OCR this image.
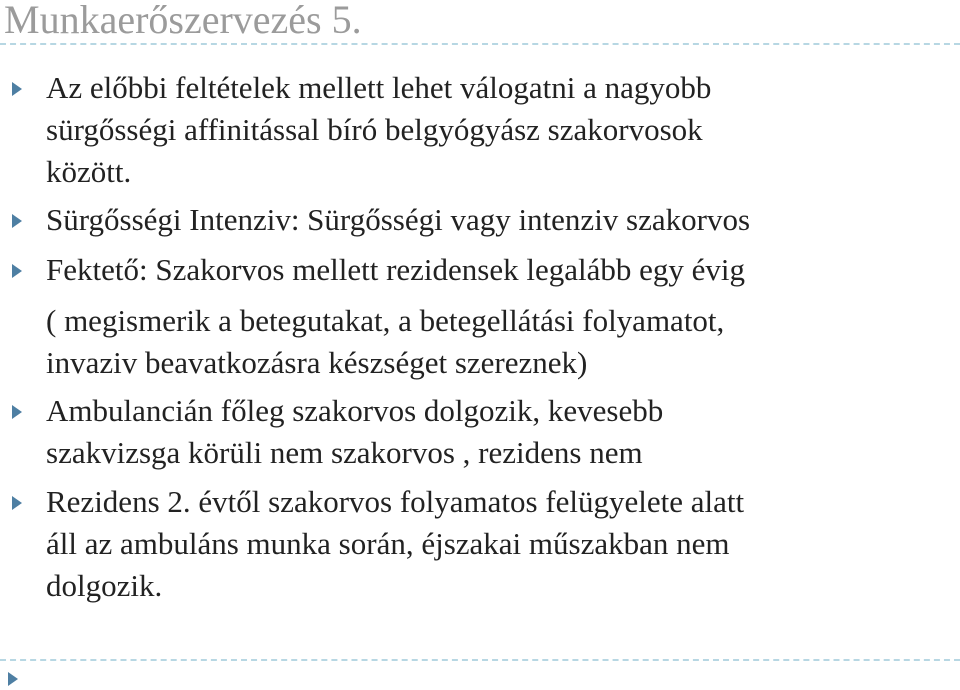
Munkaerőszervezés 5.
Az előbbi feltételek mellett lehet válogatni a nagyobb
sürgősségi affinitással bíró belgyógyász szakorvosok
között.
Sürgősségi Intenziv: Sürgősségi vagy intenziv szakorvos
Fektető: Szakorvos mellett rezidensek legalább egy évig
( megismerik a betegutakat, a betegellátási folyamatot,
invaziv beavatkozásra készséget szereznek)
Ambulancián főleg szakorvos dolgozik, kevesebb
szakvizsga körüli nem szakorvos , rezidens nem
Rezidens 2. évtől szakorvos folyamatos felügyelete alatt
áll az ambuláns munka során, éjszakai műszakban nem
dolgozik.
